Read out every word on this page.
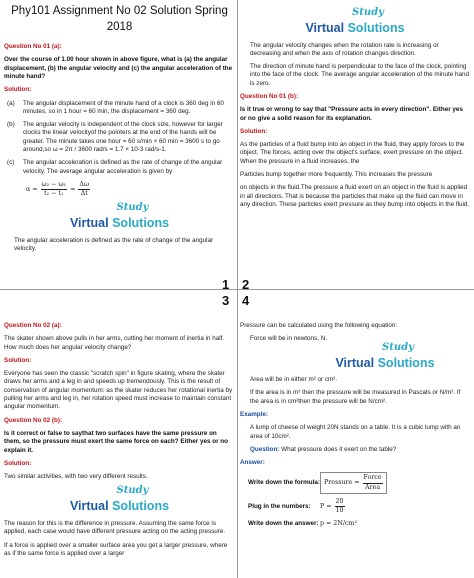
1 2
3 4
Phy101 Assignment No 02 Solution Spring
2018

Question No 01 (a):

Over the course of 1.00 hour shown in above figure, what is (a) the angular displacement, (b) the angular velocity and (c) the angular acceleration of the minute hand?

Solution:

(a)	The angular displacement of the minute hand of a clock is 360 deg in 60 minutes, so in 1 hour = 60 min, the displacement = 360 deg.
(b)	The angular velocity is independent of the clock size, however for larger clocks the linear velocityof the pointers at the end of the hands will be greater. The minute takes one hour = 60 s/min × 60 min = 3600 s to go around,so ω = 2π / 3600 rad/s = 1.7 × 10-3 rad/s-1.
(c)	The angular acceleration is defined as the rate of change of the angular velocity. The average angular acceleration is given by
$\alpha = \frac{\text{ω₂ − ω₁}}{\text{t₂ − t₁}} = \frac{\Delta\omega}{\Delta t}$
Study
Virtual Solutions

The angular acceleration is defined as the rate of change of the angular velocity.

Study
Virtual Solutions

The angular velocity changes when the rotation rate is increasing or decreasing and when the axis of rotation changes direction.

The direction of minute hand is perpendicular to the face of the clock, pointing into the face of the clock. The average angular acceleration of the minute hand is zero.

Question No 01 (b):

Is it true or wrong to say that "Pressure acts in every direction". Either yes or no give a solid reason for its explanation.

Solution:

As the particles of a fluid bump into an object in the fluid, they apply forces to the object. The forces, acting over the object's surface, exert pressure on the object. When the pressure in a fluid increases, the

Particles bump together more frequently. This increases the pressure

on objects in the fluid.The pressure a fluid exert on an object in the fluid is applied in all directions. That is because the particles that make up the fluid can move in any direction. These particles exert pressure as they bump into objects in the fluid.

Question No 02 (a):

The skater shown above pulls in her arms, cutting her moment of inertia in half. How much does her angular velocity change?

Solution:

Everyone has seen the classic "scratch spin" in figure skating, where the skater draws her arms and a leg in and speeds up tremendously. This is the result of conservation of angular momentum: as the skater reduces her rotational inertia by pulling her arms and leg in, her rotation speed must increase to maintain constant angular momentum.

Question No 02 (b):

Is it correct or false to saythat two surfaces have the same pressure on them, so the pressure must exert the same force on each? Either yes or no explain it.

Solution:

Two similar activities, with two very different results.

Study
Virtual Solutions

The reason for this is the difference in pressure. Assuming the same force is applied, each case would have different pressure acting on the acting pressure.

If a force is applied over a smaller surface area you get a larger pressure, where as if the same force is applied over a larger

Pressure can be calculated using the following equation:

Force will be in newtons, N.

Study
Virtual Solutions

Area will be in either m² or cm².

If the area is in m² then the pressure will be measured in Pascals or N/m². If the area is in cm²then the pressure will be N/cm².

Example:

A lump of cheese of weight 20N stands on a table. It is a cubic lump with an area of 10cm².

Question: What pressure does it exert on the table?

Answer:

Write down the formula: Pressure = $\frac{\text{Force}}{\text{Area}}$
Plug in the numbers:	$P = \frac{20}{10}$
Write down the answer: p = 2N/cm²
